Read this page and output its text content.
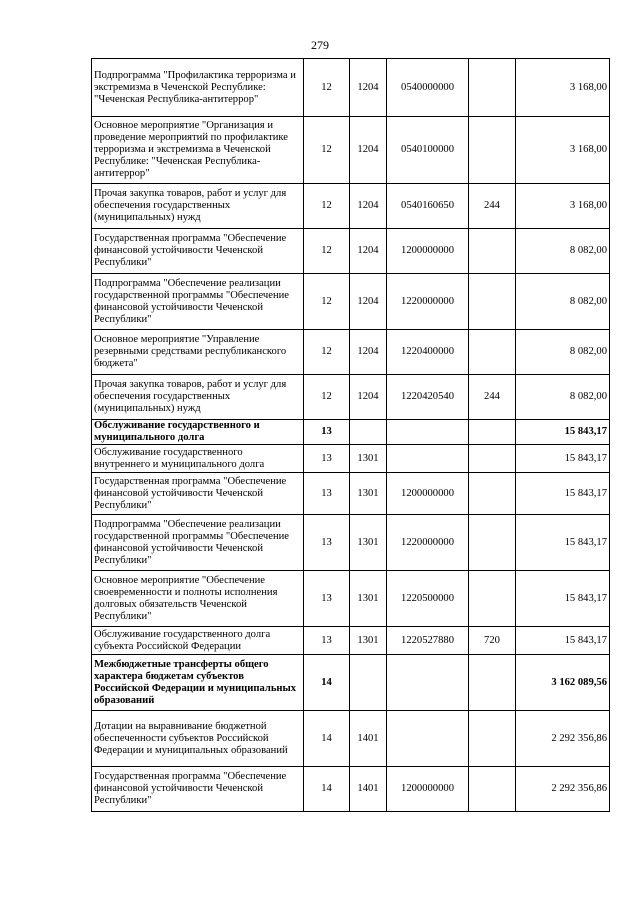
279
Подпрограмма "Профилактика терроризма и экстремизма в Чеченской Республике: "Чеченская Республика-антитеррор"	12	1204	0540000000		3 168,00
Основное мероприятие "Организация и проведение мероприятий по профилактике терроризма и экстремизма в Чеченской Республике: "Чеченская Республика-антитеррор"	12	1204	0540100000		3 168,00
Прочая закупка товаров, работ и услуг для обеспечения государственных (муниципальных) нужд	12	1204	0540160650	244	3 168,00
Государственная программа "Обеспечение финансовой устойчивости Чеченской Республики"	12	1204	1200000000		8 082,00
Подпрограмма "Обеспечение реализации государственной программы "Обеспечение финансовой устойчивости Чеченской Республики"	12	1204	1220000000		8 082,00
Основное мероприятие "Управление резервными средствами республиканского бюджета"	12	1204	1220400000		8 082,00
Прочая закупка товаров, работ и услуг для обеспечения государственных (муниципальных) нужд	12	1204	1220420540	244	8 082,00
Обслуживание государственного и муниципального долга	13				15 843,17
Обслуживание государственного внутреннего и муниципального долга	13	1301			15 843,17
Государственная программа "Обеспечение финансовой устойчивости Чеченской Республики"	13	1301	1200000000		15 843,17
Подпрограмма "Обеспечение реализации государственной программы "Обеспечение финансовой устойчивости Чеченской Республики"	13	1301	1220000000		15 843,17
Основное мероприятие "Обеспечение своевременности и полноты исполнения долговых обязательств Чеченской Республики"	13	1301	1220500000		15 843,17
Обслуживание государственного долга субъекта Российской Федерации	13	1301	1220527880	720	15 843,17
Межбюджетные трансферты общего характера бюджетам субъектов Российской Федерации и муниципальных образований	14				3 162 089,56
Дотации на выравнивание бюджетной обеспеченности субъектов Российской Федерации и муниципальных образований	14	1401			2 292 356,86
Государственная программа "Обеспечение финансовой устойчивости Чеченской Республики"	14	1401	1200000000		2 292 356,86
